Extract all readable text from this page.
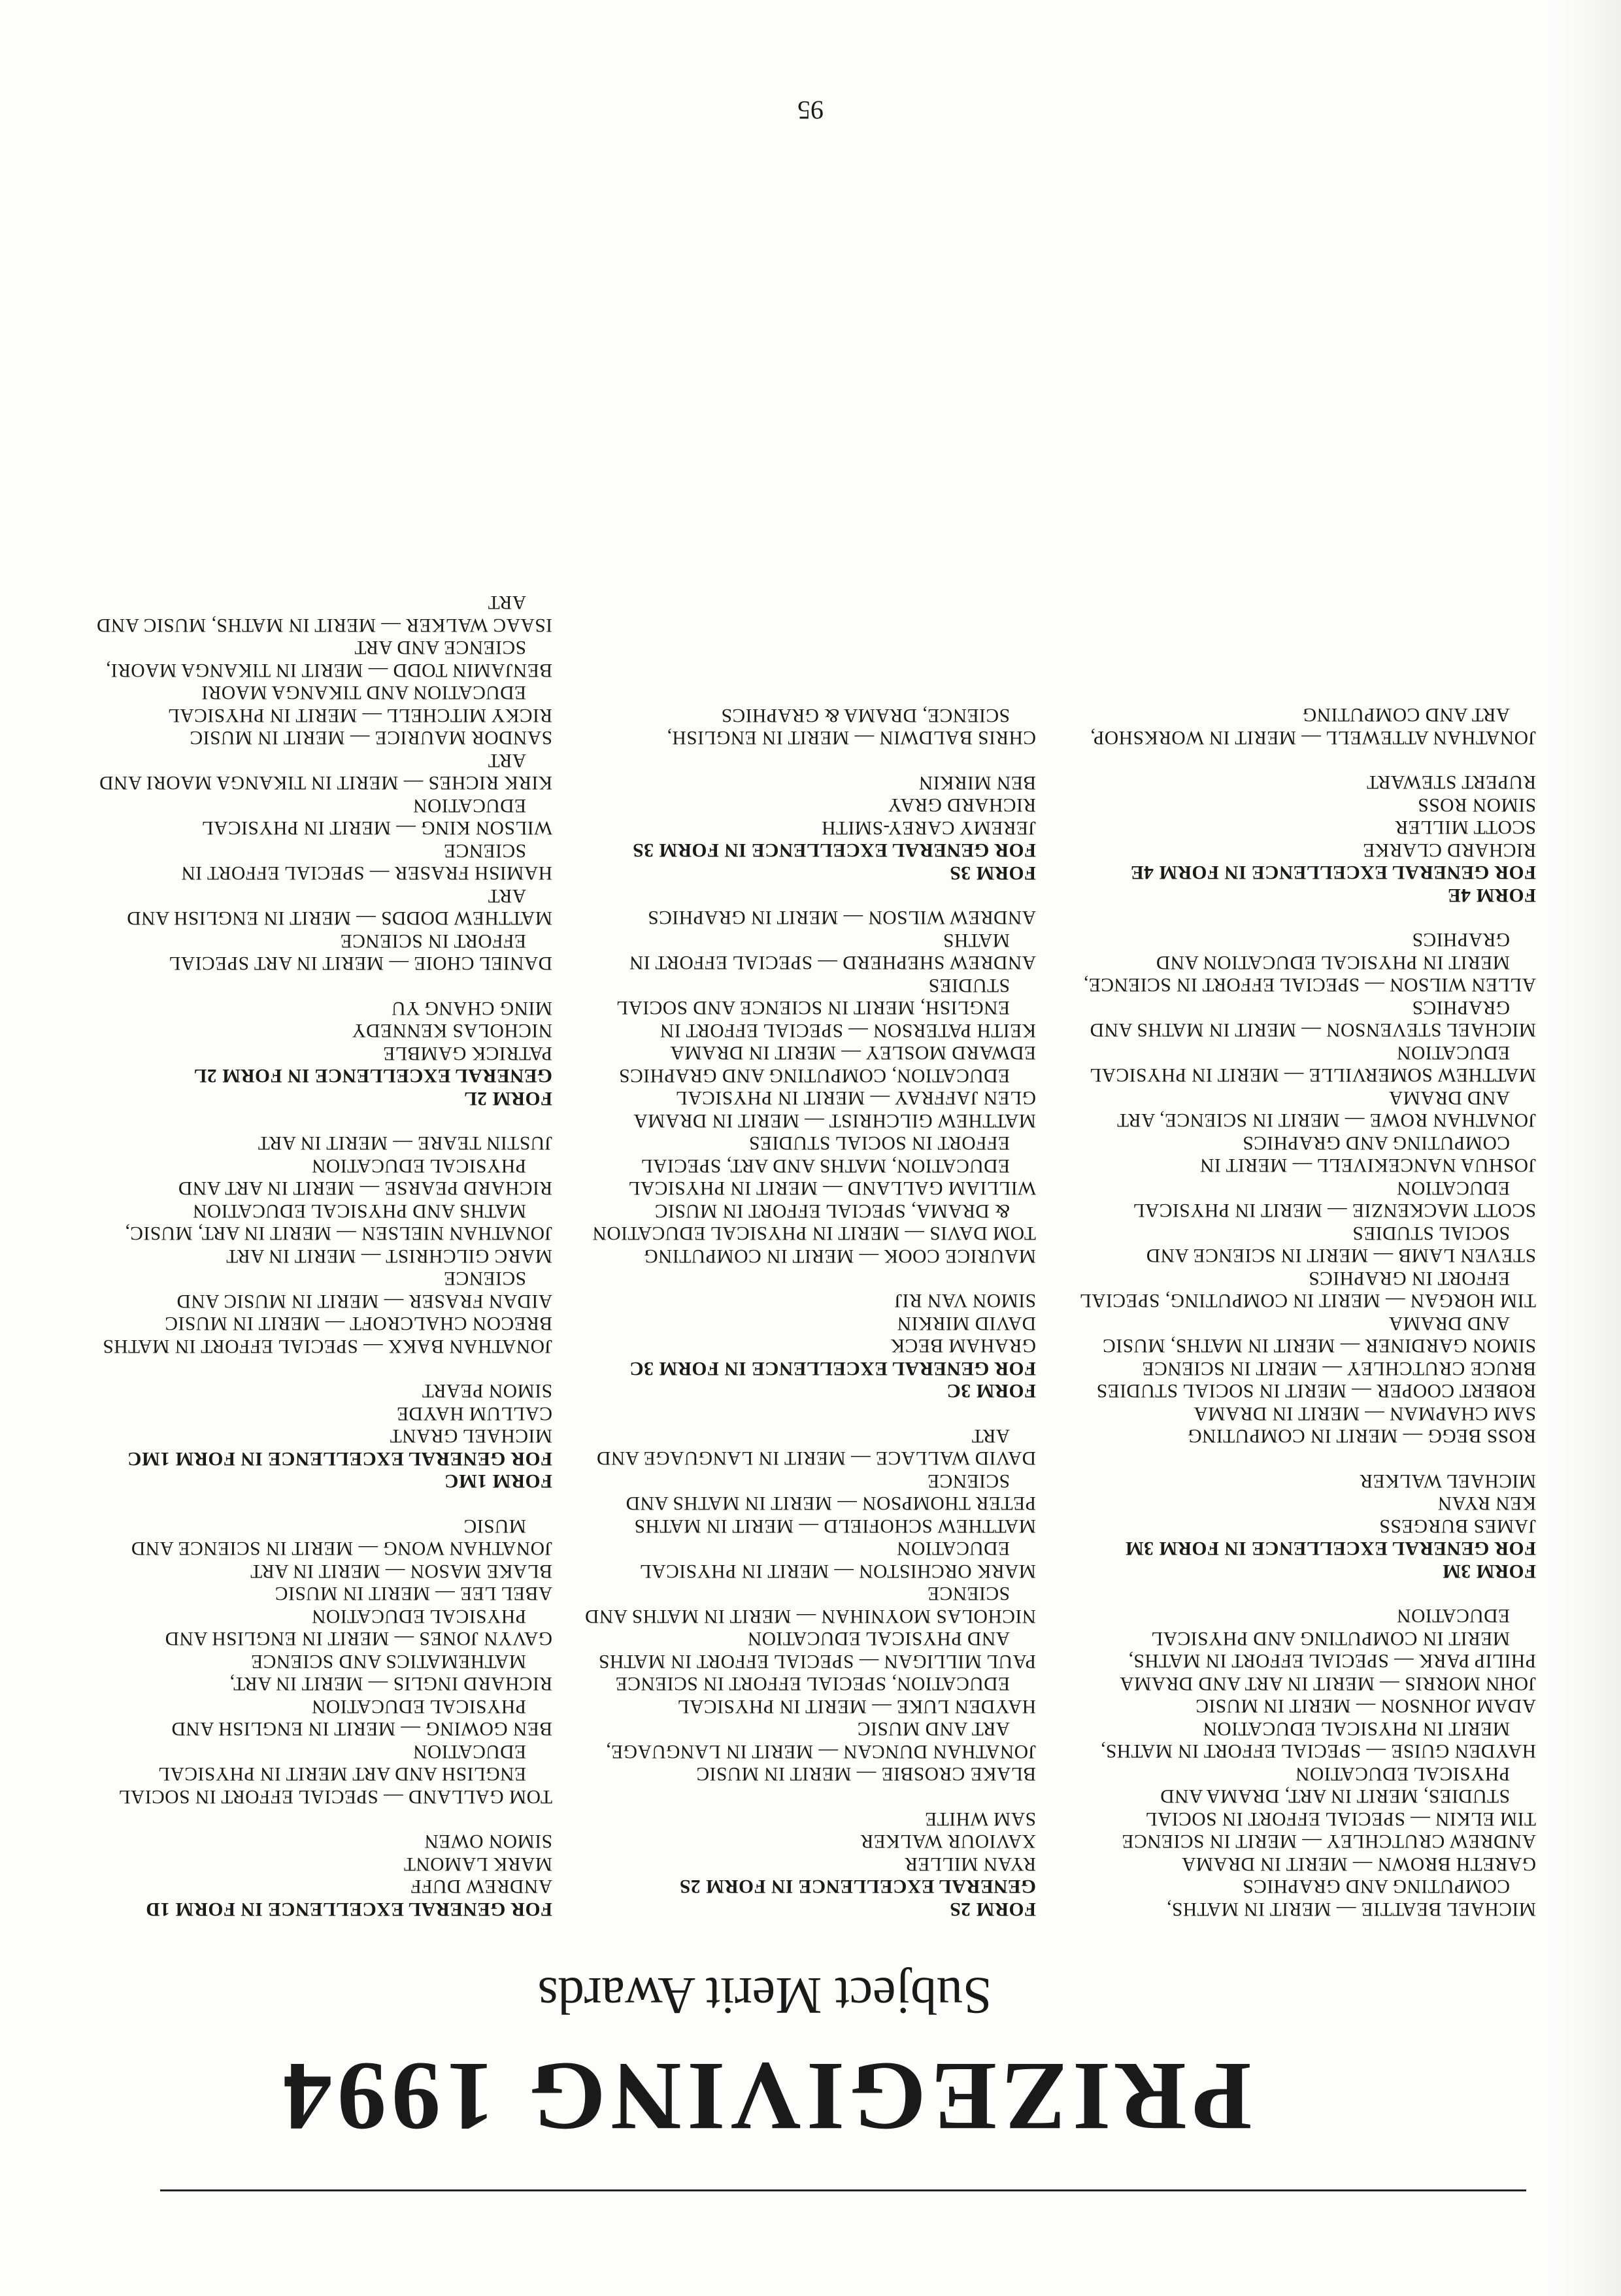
PRIZEGIVING 1994
Subject Merit Awards
MICHAEL BEATTIE — MERIT IN MATHS, COMPUTING AND GRAPHICS
GARETH BROWN — MERIT IN DRAMA
ANDREW CRUTCHLEY — MERIT IN SCIENCE
TIM ELKIN — SPECIAL EFFORT IN SOCIAL STUDIES, MERIT IN ART, DRAMA AND PHYSICAL EDUCATION
HAYDEN GUISE — SPECIAL EFFORT IN MATHS, MERIT IN PHYSICAL EDUCATION
ADAM JOHNSON — MERIT IN MUSIC
JOHN MORRIS — MERIT IN ART AND DRAMA
PHILIP PARK — SPECIAL EFFORT IN MATHS, MERIT IN COMPUTING AND PHYSICAL EDUCATION
FORM 3M
FOR GENERAL EXCELLENCE IN FORM 3M
JAMES BURGESS
KEN RYAN
MICHAEL WALKER
ROSS BEGG — MERIT IN COMPUTING
SAM CHAPMAN — MERIT IN DRAMA
ROBERT COOPER — MERIT IN SOCIAL STUDIES
BRUCE CRUTCHLEY — MERIT IN SCIENCE
SIMON GARDINER — MERIT IN MATHS, MUSIC AND DRAMA
TIM HORGAN — MERIT IN COMPUTING, SPECIAL EFFORT IN GRAPHICS
STEVEN LAMB — MERIT IN SCIENCE AND SOCIAL STUDIES
SCOTT MACKENZIE — MERIT IN PHYSICAL EDUCATION
JOSHUA NANCEKIVELL — MERIT IN COMPUTING AND GRAPHICS
JONATHAN ROWE — MERIT IN SCIENCE, ART AND DRAMA
MATTHEW SOMERVILLE — MERIT IN PHYSICAL EDUCATION
MICHAEL STEVENSON — MERIT IN MATHS AND GRAPHICS
ALLEN WILSON — SPECIAL EFFORT IN SCIENCE, MERIT IN PHYSICAL EDUCATION AND GRAPHICS
FORM 4E
FOR GENERAL EXCELLENCE IN FORM 4E
RICHARD CLARKE
SCOTT MILLER
SIMON ROSS
RUPERT STEWART
JONATHAN ATTEWELL — MERIT IN WORKSHOP, ART AND COMPUTING
FORM 2S
GENERAL EXCELLENCE IN FORM 2S
RYAN MILLER
XAVIOUR WALKER
SAM WHITE
BLAKE CROSBIE — MERIT IN MUSIC
JONATHAN DUNCAN — MERIT IN LANGUAGE, ART AND MUSIC
HAYDEN LUKE — MERIT IN PHYSICAL EDUCATION, SPECIAL EFFORT IN SCIENCE
PAUL MILLIGAN — SPECIAL EFFORT IN MATHS AND PHYSICAL EDUCATION
NICHOLAS MOYNIHAN — MERIT IN MATHS AND SCIENCE
MARK ORCHISTON — MERIT IN PHYSICAL EDUCATION
MATTHEW SCHOFIELD — MERIT IN MATHS
PETER THOMPSON — MERIT IN MATHS AND SCIENCE
DAVID WALLACE — MERIT IN LANGUAGE AND ART
FORM 3C
FOR GENERAL EXCELLENCE IN FORM 3C
GRAHAM BECK
DAVID MIRKIN
SIMON VAN RIJ
MAURICE COOK — MERIT IN COMPUTING
TOM DAVIS — MERIT IN PHYSICAL EDUCATION & DRAMA, SPECIAL EFFORT IN MUSIC
WILLIAM GALLAND — MERIT IN PHYSICAL EDUCATION, MATHS AND ART, SPECIAL EFFORT IN SOCIAL STUDIES
MATTHEW GILCHRIST — MERIT IN DRAMA
GLEN JAFFRAY — MERIT IN PHYSICAL EDUCATION, COMPUTING AND GRAPHICS
EDWARD MOSLEY — MERIT IN DRAMA
KEITH PATERSON — SPECIAL EFFORT IN ENGLISH, MERIT IN SCIENCE AND SOCIAL STUDIES
ANDREW SHEPHERD — SPECIAL EFFORT IN MATHS
ANDREW WILSON — MERIT IN GRAPHICS
FORM 3S
FOR GENERAL EXCELLENCE IN FORM 3S
JEREMY CAREY-SMITH
RICHARD GRAY
BEN MIRKIN
CHRIS BALDWIN — MERIT IN ENGLISH, SCIENCE, DRAMA & GRAPHICS
FOR GENERAL EXCELLENCE IN FORM 1D
ANDREW DUFF
MARK LAMONT
SIMON OWEN
TOM GALLAND — SPECIAL EFFORT IN SOCIAL ENGLISH AND ART MERIT IN PHYSICAL EDUCATION
BEN GOWING — MERIT IN ENGLISH AND PHYSICAL EDUCATION
RICHARD INGLIS — MERIT IN ART, MATHEMATICS AND SCIENCE
GAVYN JONES — MERIT IN ENGLISH AND PHYSICAL EDUCATION
ABEL LEE — MERIT IN MUSIC
BLAKE MASON — MERIT IN ART
JONATHAN WONG — MERIT IN SCIENCE AND MUSIC
FORM 1MC
FOR GENERAL EXCELLENCE IN FORM 1MC
MICHAEL GRANT
CALLUM HAYDE
SIMON PEART
JONATHAN BAKX — SPECIAL EFFORT IN MATHS
BRECON CHALCROFT — MERIT IN MUSIC
AIDAN FRASER — MERIT IN MUSIC AND SCIENCE
MARC GILCHRIST — MERIT IN ART
JONATHAN NIELSEN — MERIT IN ART, MUSIC, MATHS AND PHYSICAL EDUCATION
RICHARD PEARSE — MERIT IN ART AND PHYSICAL EDUCATION
JUSTIN TEARE — MERIT IN ART
FORM 2L
GENERAL EXCELLENCE IN FORM 2L
PATRICK GAMBLE
NICHOLAS KENNEDY
MING CHANG YU
DANIEL CHOIE — MERIT IN ART SPECIAL EFFORT IN SCIENCE
MATTHEW DODDS — MERIT IN ENGLISH AND ART
HAMISH FRASER — SPECIAL EFFORT IN SCIENCE
WILSON KING — MERIT IN PHYSICAL EDUCATION
KIRK RICHES — MERIT IN TIKANGA MAORI AND ART
SANDOR MAURICE — MERIT IN MUSIC
RICKY MITCHELL — MERIT IN PHYSICAL EDUCATION AND TIKANGA MAORI
BENJAMIN TODD — MERIT IN TIKANGA MAORI, SCIENCE AND ART
ISAAC WALKER — MERIT IN MATHS, MUSIC AND ART
95
